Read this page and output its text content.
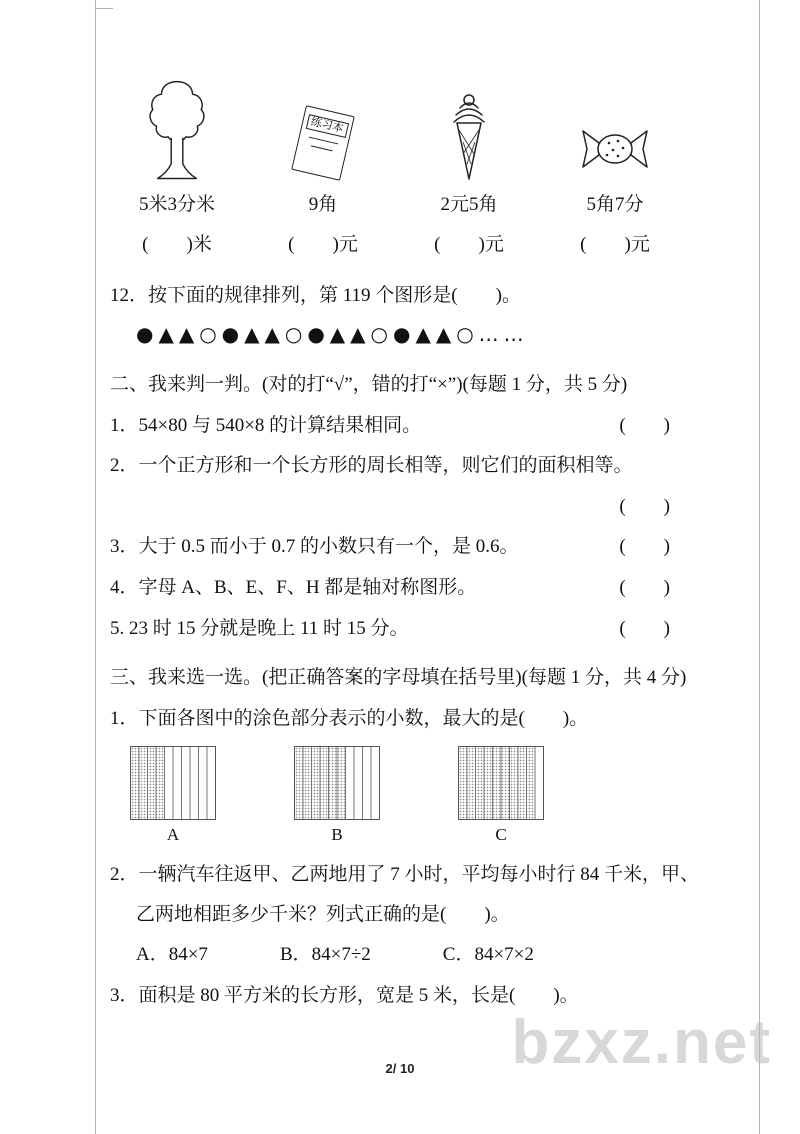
5米3分米
(　　)米
练习本
9角
(　　)元
2元5角
(　　)元
5角7分
(　　)元
12．按下面的规律排列，第 119 个图形是(　　)。
●▲▲○●▲▲○●▲▲○●▲▲○……
二、我来判一判。(对的打“√”，错的打“×”)(每题 1 分，共 5 分)
1．54×80 与 540×8 的计算结果相同。	(　　)
2．一个正方形和一个长方形的周长相等，则它们的面积相等。
(　　)
3．大于 0.5 而小于 0.7 的小数只有一个，是 0.6。	(　　)
4．字母 A、B、E、F、H 都是轴对称图形。	(　　)
5. 23 时 15 分就是晚上 11 时 15 分。	(　　)
三、我来选一选。(把正确答案的字母填在括号里)(每题 1 分，共 4 分)
1．下面各图中的涂色部分表示的小数，最大的是(　　)。
A	B	C
2．一辆汽车往返甲、乙两地用了 7 小时，平均每小时行 84 千米，甲、
乙两地相距多少千米？列式正确的是(　　)。
A．84×7	B．84×7÷2	C．84×7×2
3．面积是 80 平方米的长方形，宽是 5 米，长是(　　)。
bzxz.net
2/ 10
